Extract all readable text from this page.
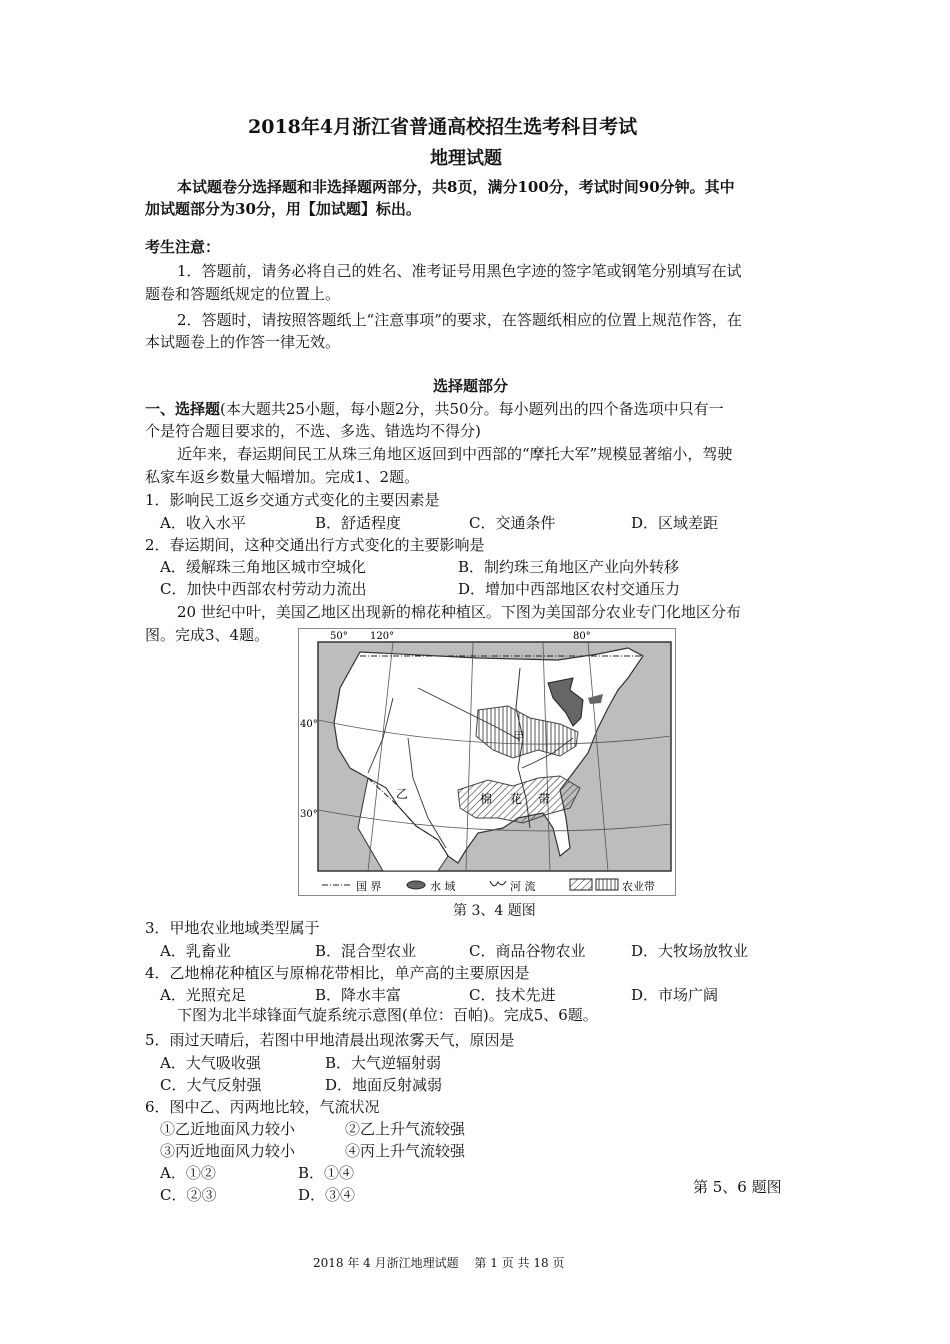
2018年4月浙江省普通高校招生选考科目考试
地理试题
本试题卷分选择题和非选择题两部分，共8页，满分100分，考试时间90分钟。其中
加试题部分为30分，用【加试题】标出。
考生注意：
1．答题前，请务必将自己的姓名、准考证号用黑色字迹的签字笔或钢笔分别填写在试
题卷和答题纸规定的位置上。
2．答题时，请按照答题纸上“注意事项”的要求，在答题纸相应的位置上规范作答，在
本试题卷上的作答一律无效。
选择题部分
一、选择题(本大题共25小题，每小题2分，共50分。每小题列出的四个备选项中只有一
个是符合题目要求的，不选、多选、错选均不得分)
近年来，春运期间民工从珠三角地区返回到中西部的“摩托大军”规模显著缩小，驾驶
私家车返乡数量大幅增加。完成1、2题。
1．影响民工返乡交通方式变化的主要因素是
A．收入水平	B．舒适程度	C．交通条件	D．区域差距
2．春运期间，这种交通出行方式变化的主要影响是
A．缓解珠三角地区城市空城化	B．制约珠三角地区产业向外转移
C．加快中西部农村劳动力流出	D．增加中西部地区农村交通压力
20 世纪中叶，美国乙地区出现新的棉花种植区。下图为美国部分农业专门化地区分布
图。完成3、4题。	50° 120°	80°
40°
30°
甲
乙	棉 花 带
国 界	水 域	河 流	农业带
第 3、4 题图
3．甲地农业地域类型属于
A．乳畜业	B．混合型农业	C．商品谷物农业	D．大牧场放牧业
4．乙地棉花种植区与原棉花带相比，单产高的主要原因是
A．光照充足	B．降水丰富	C．技术先进	D．市场广阔
下图为北半球锋面气旋系统示意图(单位：百帕)。完成5、6题。
5．雨过天晴后，若图中甲地清晨出现浓雾天气，原因是
A．大气吸收强	B．大气逆辐射弱
C．大气反射强	D．地面反射减弱
6．图中乙、丙两地比较，气流状况
①乙近地面风力较小	②乙上升气流较强
③丙近地面风力较小	④丙上升气流较强
A．①②	B．①④
C．②③	D．③④	第 5、6 题图
2018 年 4 月浙江地理试题　 第 1 页 共 18 页
